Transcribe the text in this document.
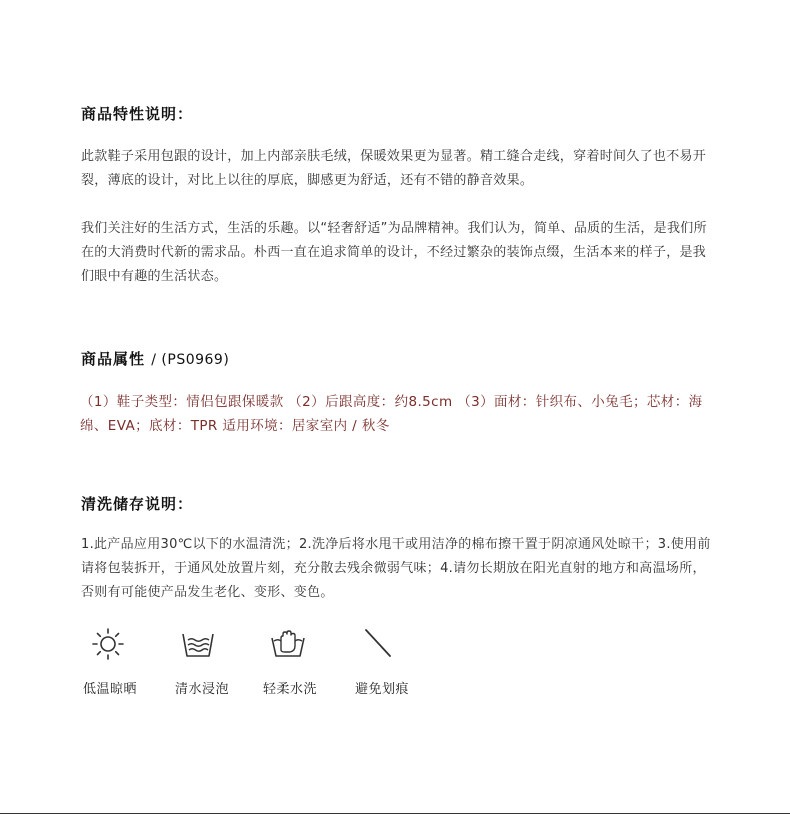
商品特性说明：

此款鞋子采用包跟的设计，加上内部亲肤毛绒，保暖效果更为显著。精工缝合走线，穿着时间久了也不易开裂，薄底的设计，对比上以往的厚底，脚感更为舒适，还有不错的静音效果。

我们关注好的生活方式，生活的乐趣。以“轻奢舒适”为品牌精神。我们认为，简单、品质的生活，是我们所在的大消费时代新的需求品。朴西一直在追求简单的设计，不经过繁杂的装饰点缀，生活本来的样子，是我们眼中有趣的生活状态。

商品属性 / (PS0969)

（1）鞋子类型：情侣包跟保暖款 （2）后跟高度：约8.5cm （3）面材：针织布、小兔毛；芯材：海绵、EVA；底材：TPR 适用环境：居家室内 / 秋冬

清洗储存说明：

1.此产品应用30℃以下的水温清洗；2.洗净后将水甩干或用洁净的棉布擦干置于阴凉通风处晾干；3.使用前请将包装拆开，于通风处放置片刻，充分散去残余微弱气味；4.请勿长期放在阳光直射的地方和高温场所，否则有可能使产品发生老化、变形、变色。

低温晾晒	清水浸泡	轻柔水洗	避免划痕
